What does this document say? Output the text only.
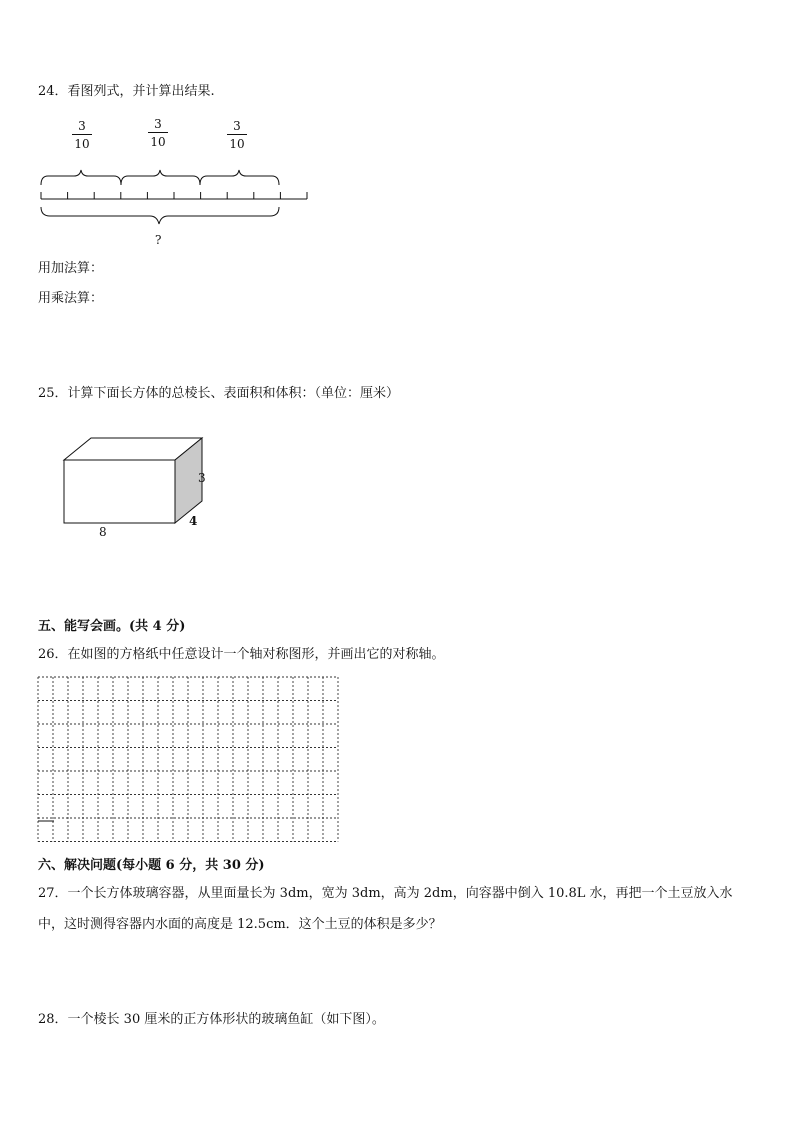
24．看图列式，并计算出结果.
3
10
3
10
3
10
?
用加法算：
用乘法算：
25．计算下面长方体的总棱长、表面积和体积：（单位：厘米）
3
4
8
五、能写会画。(共 4 分)
26．在如图的方格纸中任意设计一个轴对称图形，并画出它的对称轴。
六、解决问题(每小题 6 分，共 30 分)
27．一个长方体玻璃容器，从里面量长为 3dm，宽为 3dm，高为 2dm，向容器中倒入 10.8L 水，再把一个土豆放入水
中，这时测得容器内水面的高度是 12.5cm．这个土豆的体积是多少？
28．一个棱长 30 厘米的正方体形状的玻璃鱼缸（如下图）。
